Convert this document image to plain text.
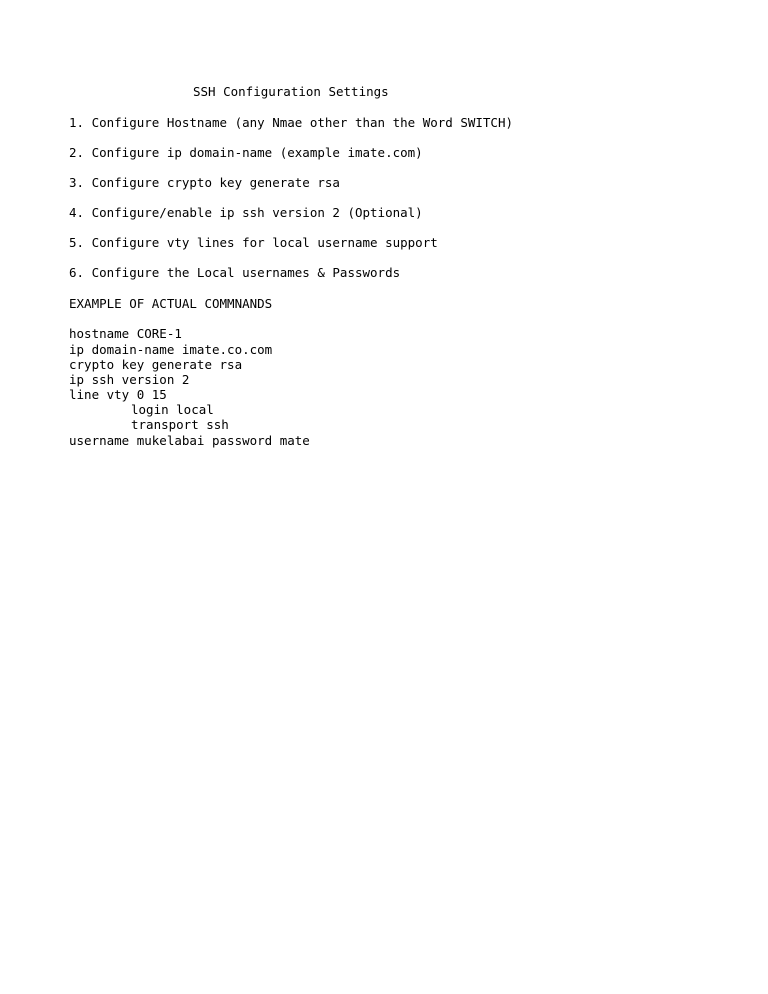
SSH Configuration Settings
1. Configure Hostname (any Nmae other than the Word SWITCH)
2. Configure ip domain-name (example imate.com)
3. Configure crypto key generate rsa
4. Configure/enable ip ssh version 2 (Optional)
5. Configure vty lines for local username support
6. Configure the Local usernames & Passwords
EXAMPLE OF ACTUAL COMMNANDS
hostname CORE-1
ip domain-name imate.co.com
crypto key generate rsa
ip ssh version 2
line vty 0 15
login local
transport ssh
username mukelabai password mate
